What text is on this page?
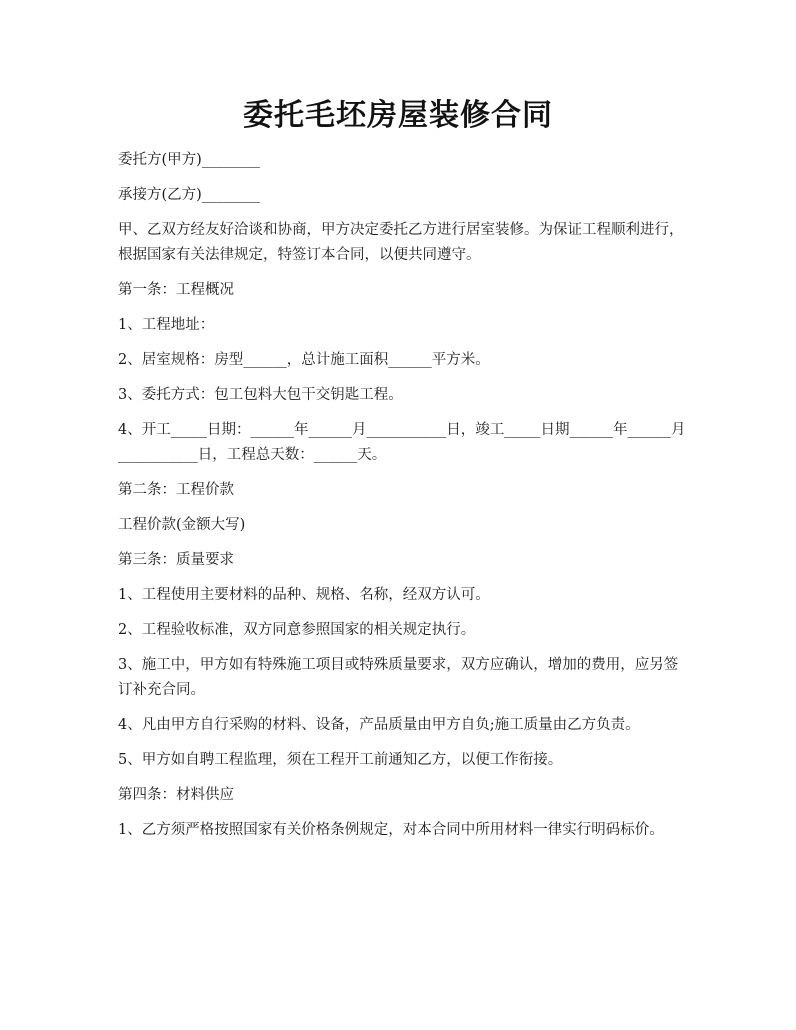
委托毛坯房屋装修合同

委托方(甲方)________

承接方(乙方)________

甲、乙双方经友好洽谈和协商，甲方决定委托乙方进行居室装修。为保证工程顺利进行，根据国家有关法律规定，特签订本合同，以便共同遵守。

第一条：工程概况

1、工程地址：

2、居室规格：房型______，总计施工面积______平方米。

3、委托方式：包工包料大包干交钥匙工程。

4、开工_____日期：______年______月___________日，竣工_____日期______年______月___________日，工程总天数：______天。

第二条：工程价款

工程价款(金额大写)

第三条：质量要求

1、工程使用主要材料的品种、规格、名称，经双方认可。

2、工程验收标准，双方同意参照国家的相关规定执行。

3、施工中，甲方如有特殊施工项目或特殊质量要求，双方应确认，增加的费用，应另签订补充合同。

4、凡由甲方自行采购的材料、设备，产品质量由甲方自负;施工质量由乙方负责。

5、甲方如自聘工程监理，须在工程开工前通知乙方，以便工作衔接。

第四条：材料供应

1、乙方须严格按照国家有关价格条例规定，对本合同中所用材料一律实行明码标价。
